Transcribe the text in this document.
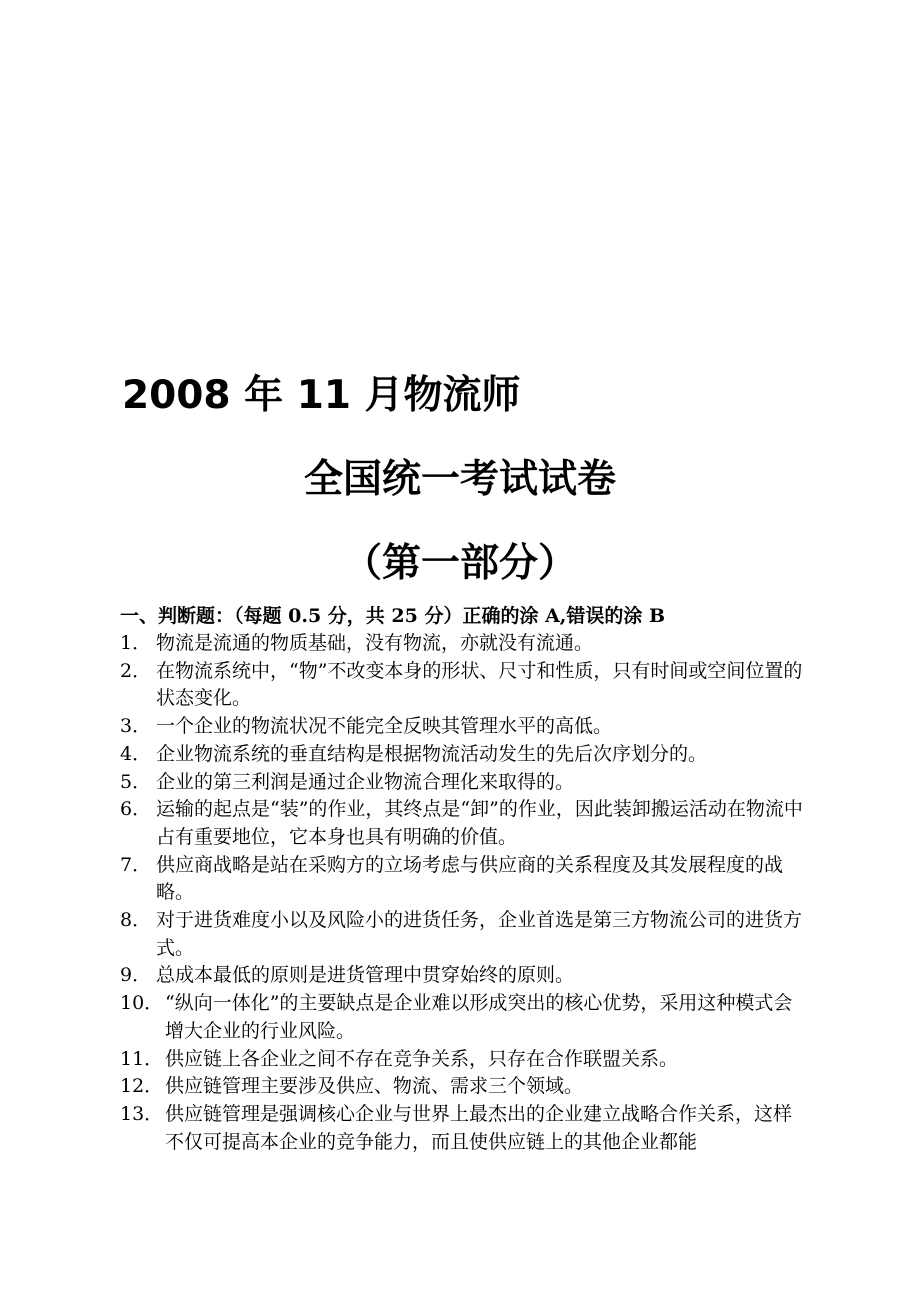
2008 年 11 月物流师
全国统一考试试卷
（第一部分）
一、判断题：（每题 0.5 分，共 25 分）正确的涂 A,错误的涂 B
1． 物流是流通的物质基础，没有物流，亦就没有流通。
2． 在物流系统中，“物”不改变本身的形状、尺寸和性质，只有时间或空间位置的状态变化。
3． 一个企业的物流状况不能完全反映其管理水平的高低。
4． 企业物流系统的垂直结构是根据物流活动发生的先后次序划分的。
5． 企业的第三利润是通过企业物流合理化来取得的。
6． 运输的起点是“装”的作业，其终点是“卸”的作业，因此装卸搬运活动在物流中占有重要地位，它本身也具有明确的价值。
7． 供应商战略是站在采购方的立场考虑与供应商的关系程度及其发展程度的战略。
8． 对于进货难度小以及风险小的进货任务，企业首选是第三方物流公司的进货方式。
9． 总成本最低的原则是进货管理中贯穿始终的原则。
10． “纵向一体化”的主要缺点是企业难以形成突出的核心优势，采用这种模式会增大企业的行业风险。
11． 供应链上各企业之间不存在竞争关系，只存在合作联盟关系。
12． 供应链管理主要涉及供应、物流、需求三个领域。
13． 供应链管理是强调核心企业与世界上最杰出的企业建立战略合作关系，这样不仅可提高本企业的竞争能力，而且使供应链上的其他企业都能
